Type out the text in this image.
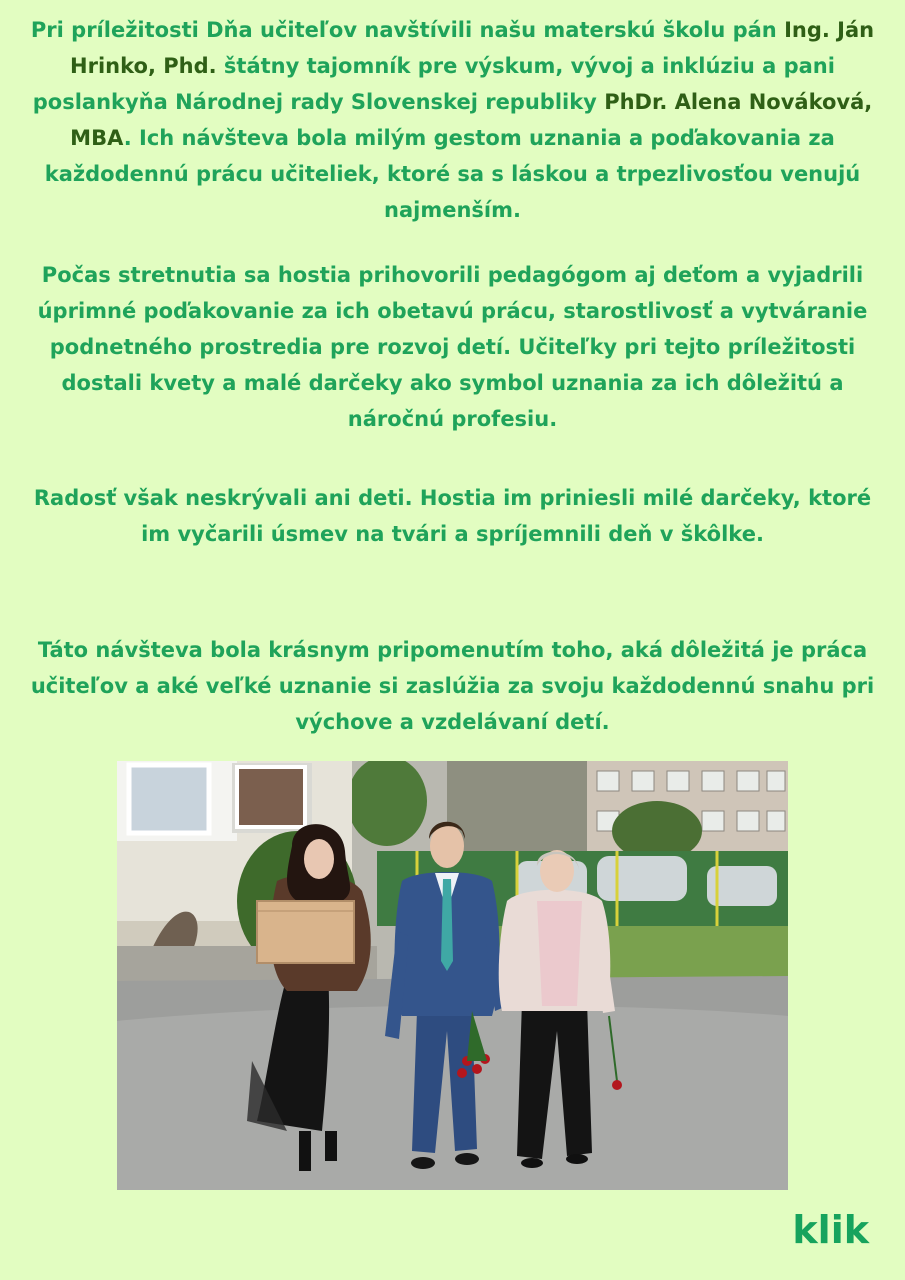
Pri príležitosti Dňa učiteľov navštívili našu materskú školu pán Ing. Ján Hrinko, Phd. štátny tajomník pre výskum, vývoj a inklúziu a pani poslankyňa Národnej rady Slovenskej republiky PhDr. Alena Nováková, MBA. Ich návšteva bola milým gestom uznania a poďakovania za každodennú prácu učiteliek, ktoré sa s láskou a trpezlivosťou venujú najmenším.

Počas stretnutia sa hostia prihovorili pedagógom aj deťom a vyjadrili úprimné poďakovanie za ich obetavú prácu, starostlivosť a vytváranie podnetného prostredia pre rozvoj detí. Učiteľky pri tejto príležitosti dostali kvety a malé darčeky ako symbol uznania za ich dôležitú a náročnú profesiu.

Radosť však neskrývali ani deti. Hostia im priniesli milé darčeky, ktoré im vyčarili úsmev na tvári a spríjemnili deň v škôlke.

Táto návšteva bola krásnym pripomenutím toho, aká dôležitá je práca učiteľov a aké veľké uznanie si zaslúžia za svoju každodennú snahu pri výchove a vzdelávaní detí.

klik
